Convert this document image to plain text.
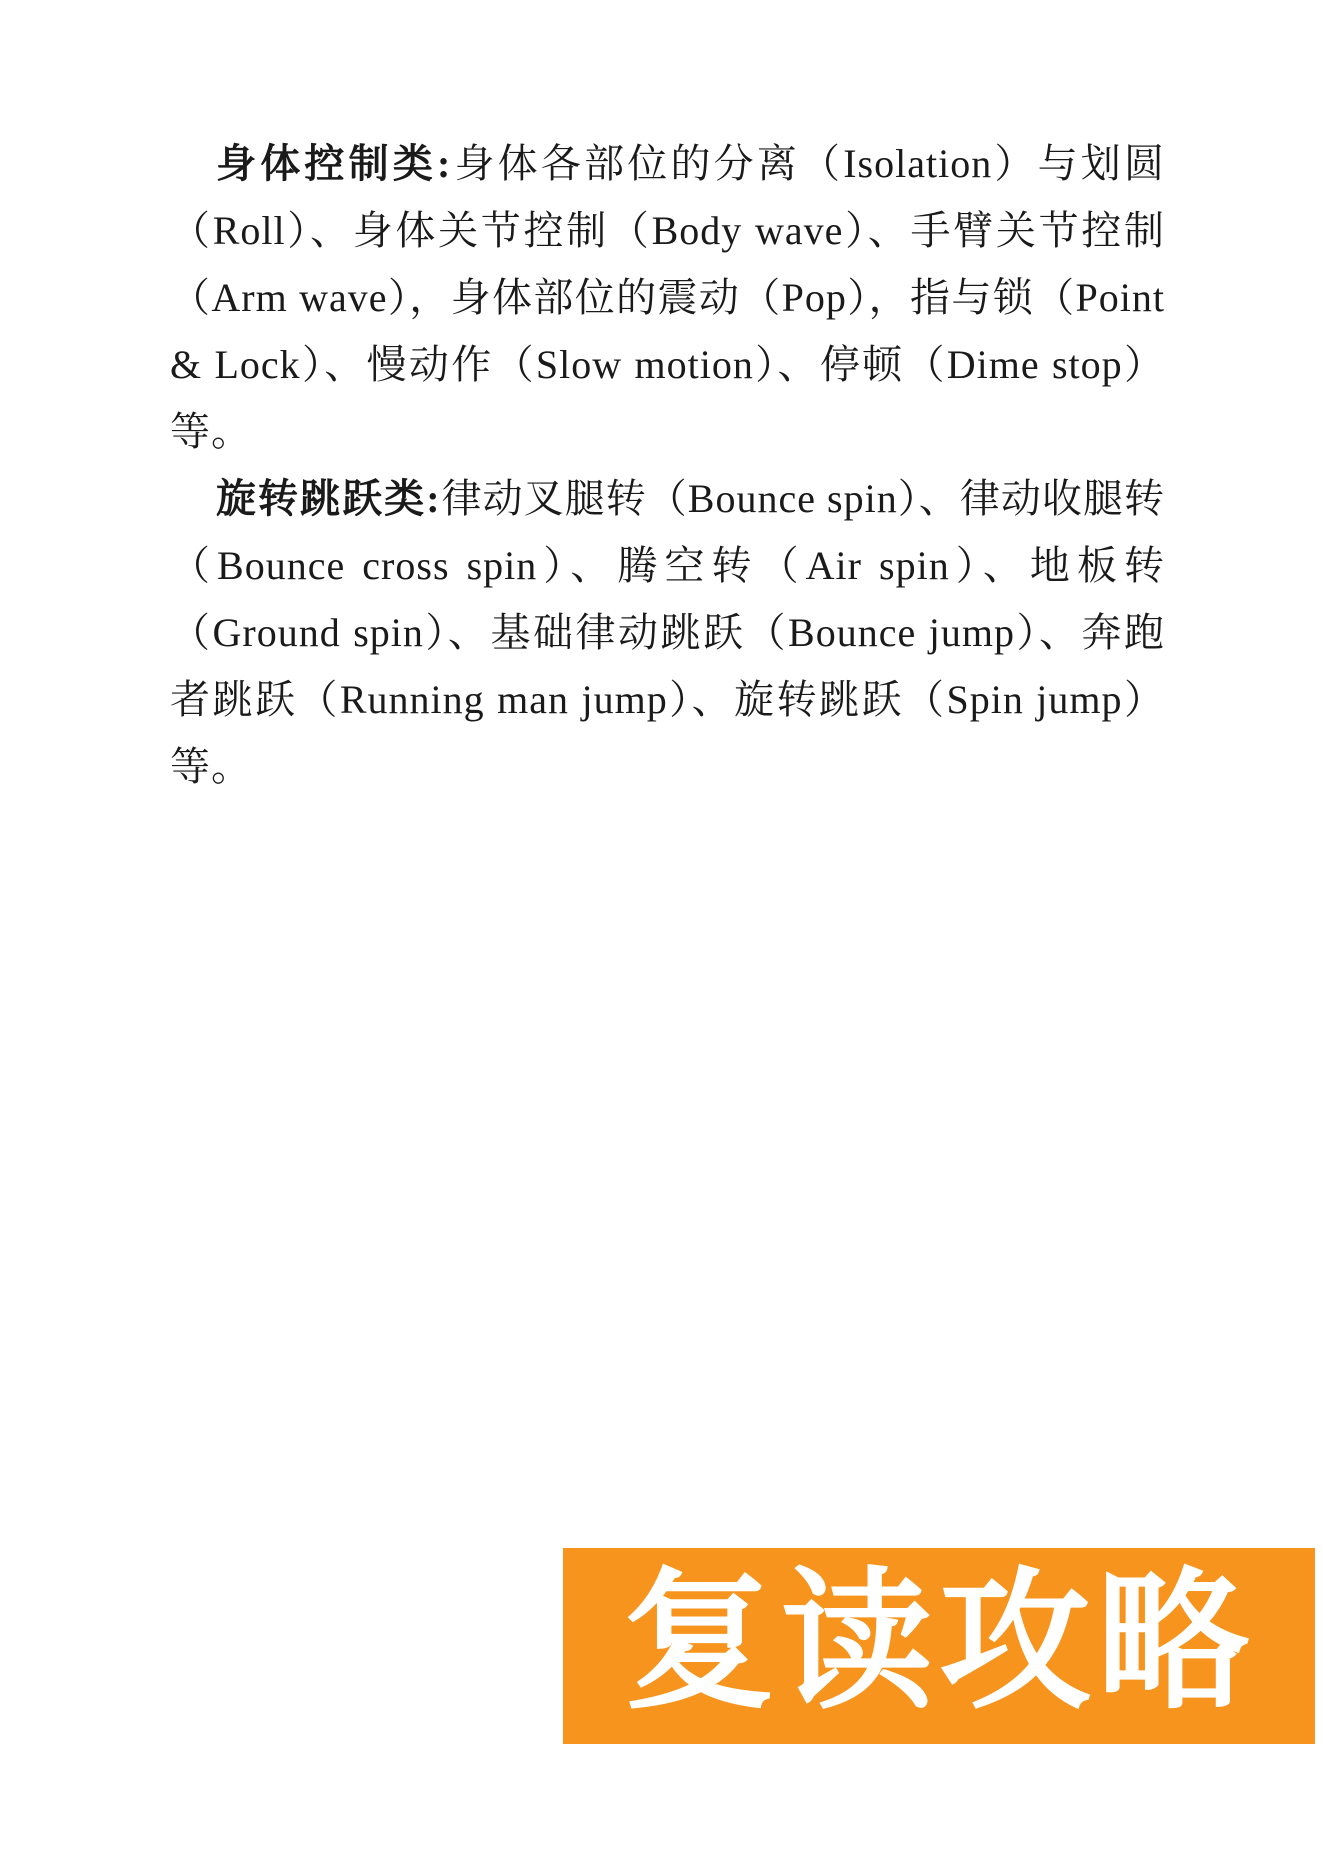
身体控制类:身体各部位的分离（Isolation）与划圆（Roll）、身体关节控制（Body wave）、手臂关节控制（Arm wave），身体部位的震动（Pop），指与锁（Point & Lock）、慢动作（Slow motion）、停顿（Dime stop）等。

旋转跳跃类:律动叉腿转（Bounce spin）、律动收腿转（Bounce cross spin）、腾空转（Air spin）、地板转（Ground spin）、基础律动跳跃（Bounce jump）、奔跑者跳跃（Running man jump）、旋转跳跃（Spin jump）等。

复读攻略
